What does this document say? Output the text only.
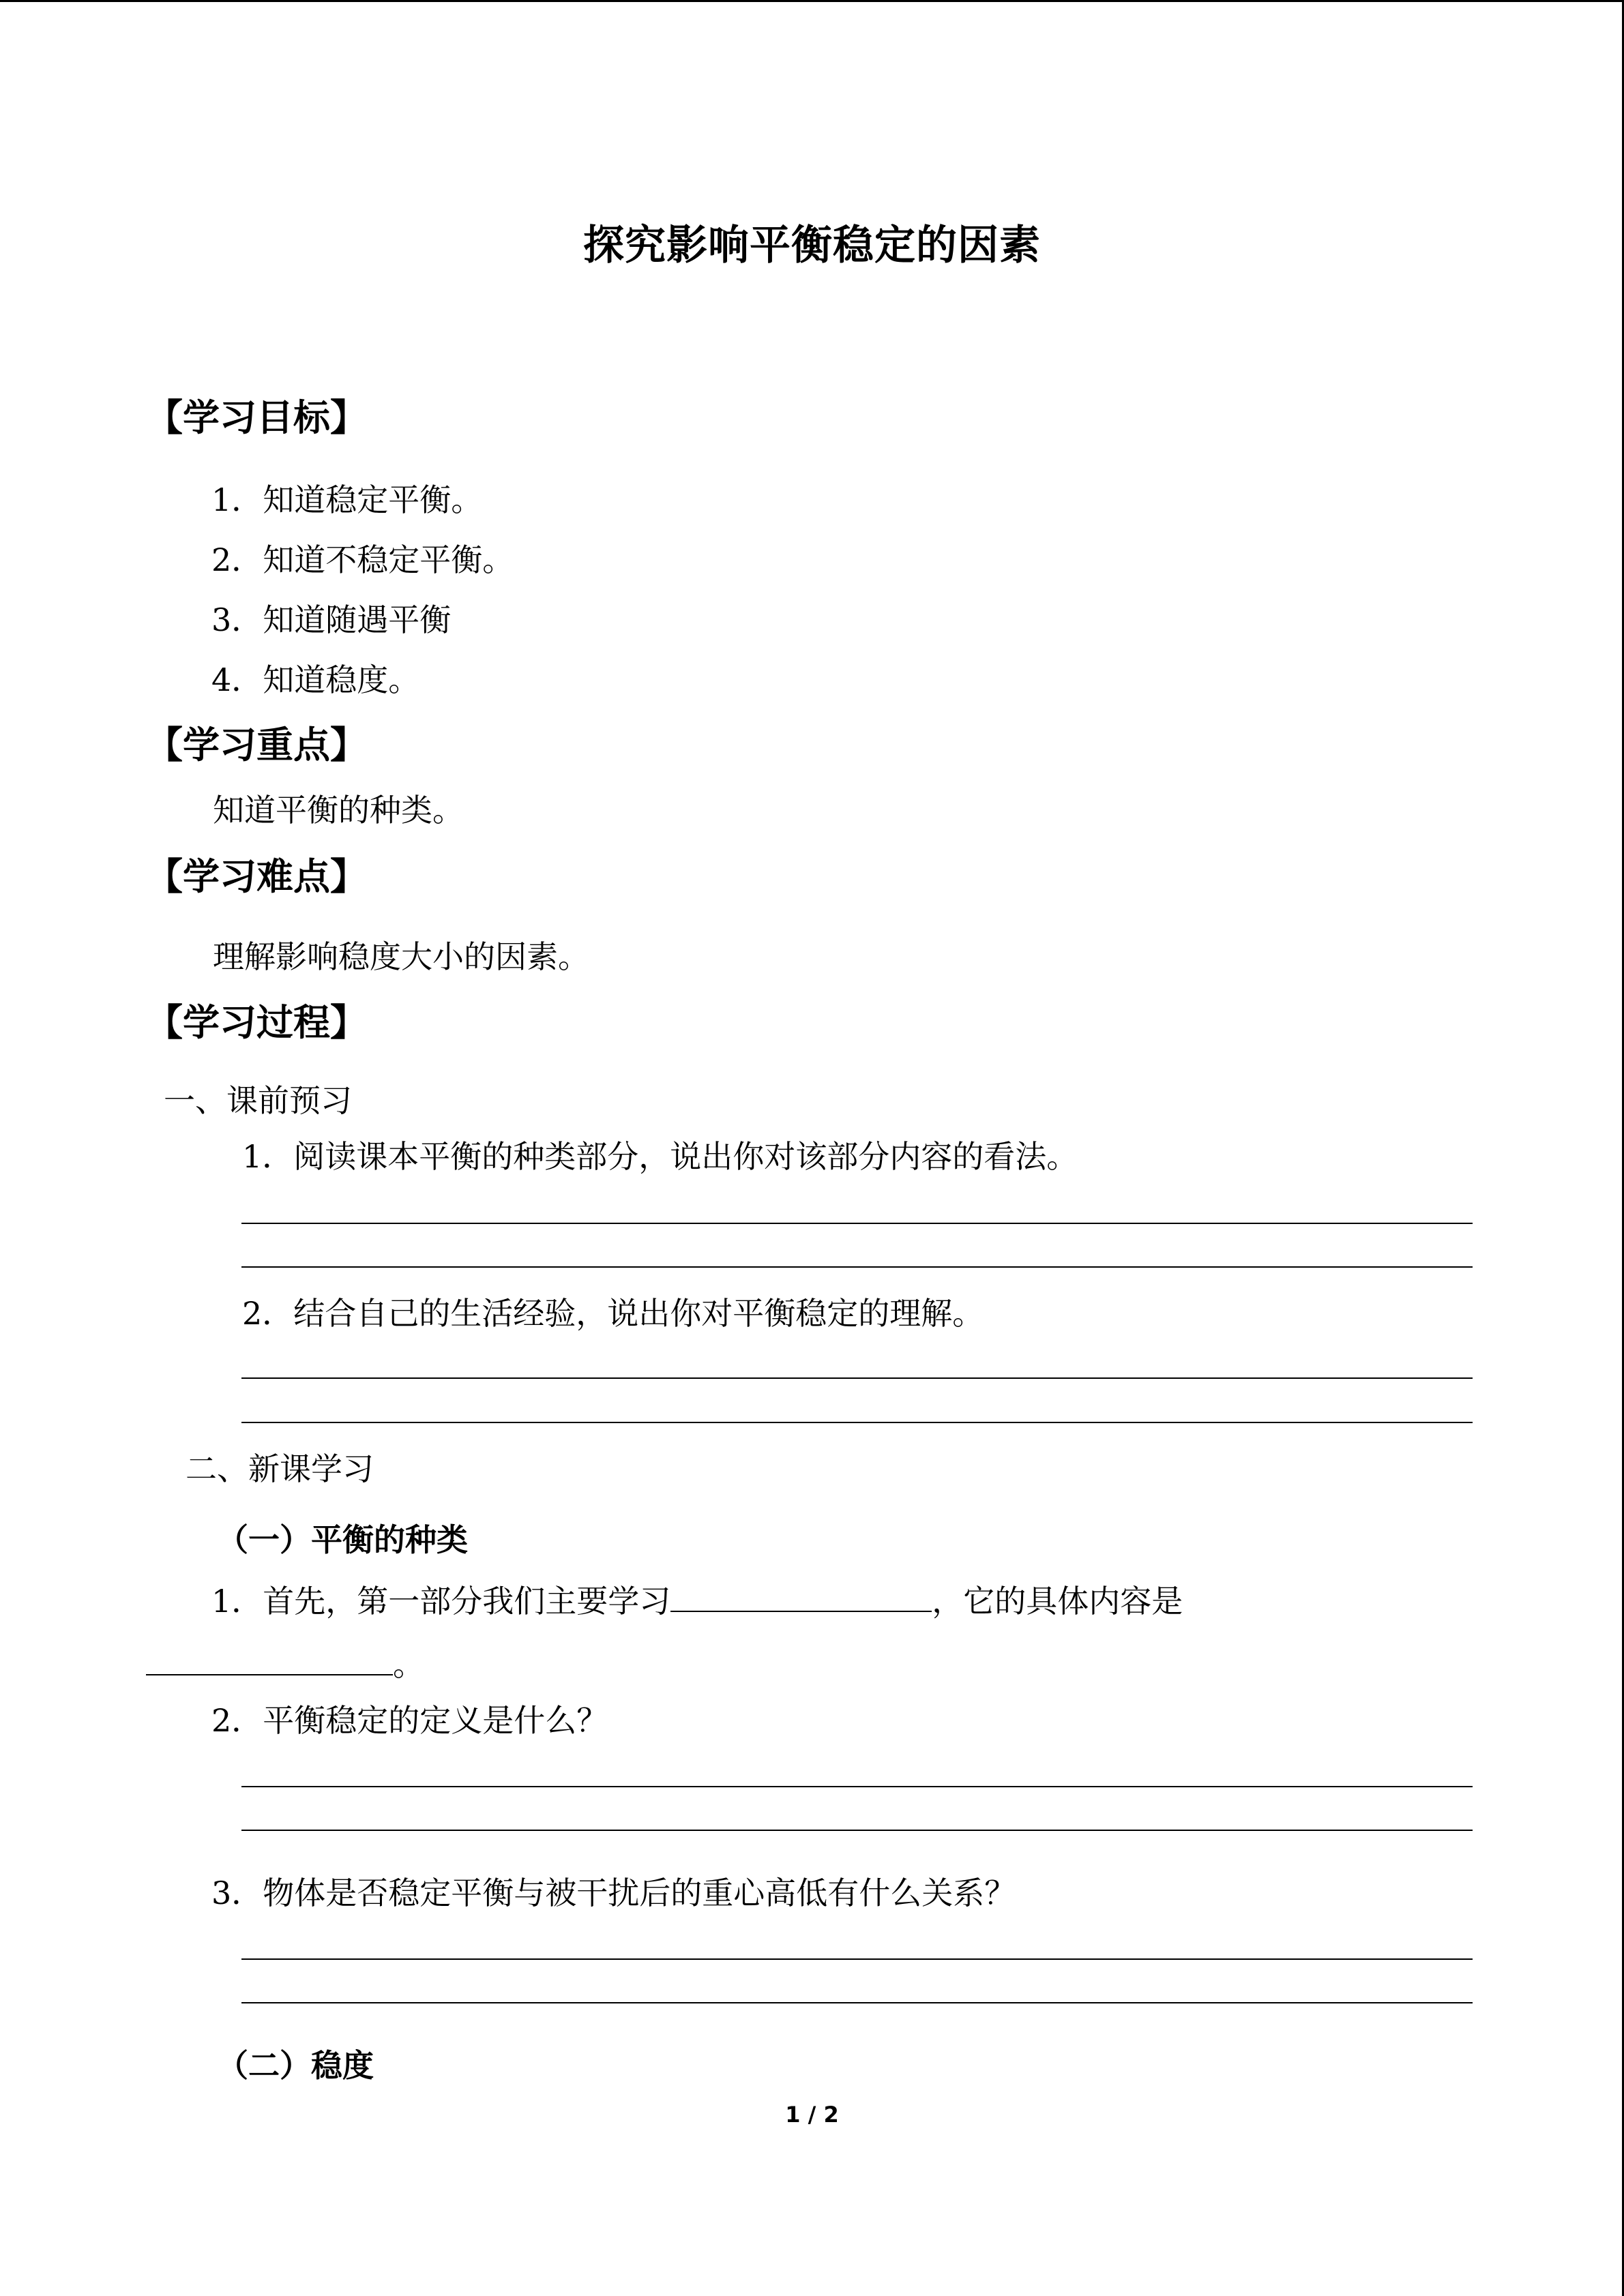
探究影响平衡稳定的因素
【学习目标】
1．知道稳定平衡。
2．知道不稳定平衡。
3．知道随遇平衡
4．知道稳度。
【学习重点】
知道平衡的种类。
【学习难点】
理解影响稳度大小的因素。
【学习过程】
一、课前预习
1．阅读课本平衡的种类部分，说出你对该部分内容的看法。
2．结合自己的生活经验，说出你对平衡稳定的理解。
二、新课学习
（一）平衡的种类
1．首先，第一部分我们主要学习	，它的具体内容是
。
2．平衡稳定的定义是什么？
3．物体是否稳定平衡与被干扰后的重心高低有什么关系？
（二）稳度
1 / 2
